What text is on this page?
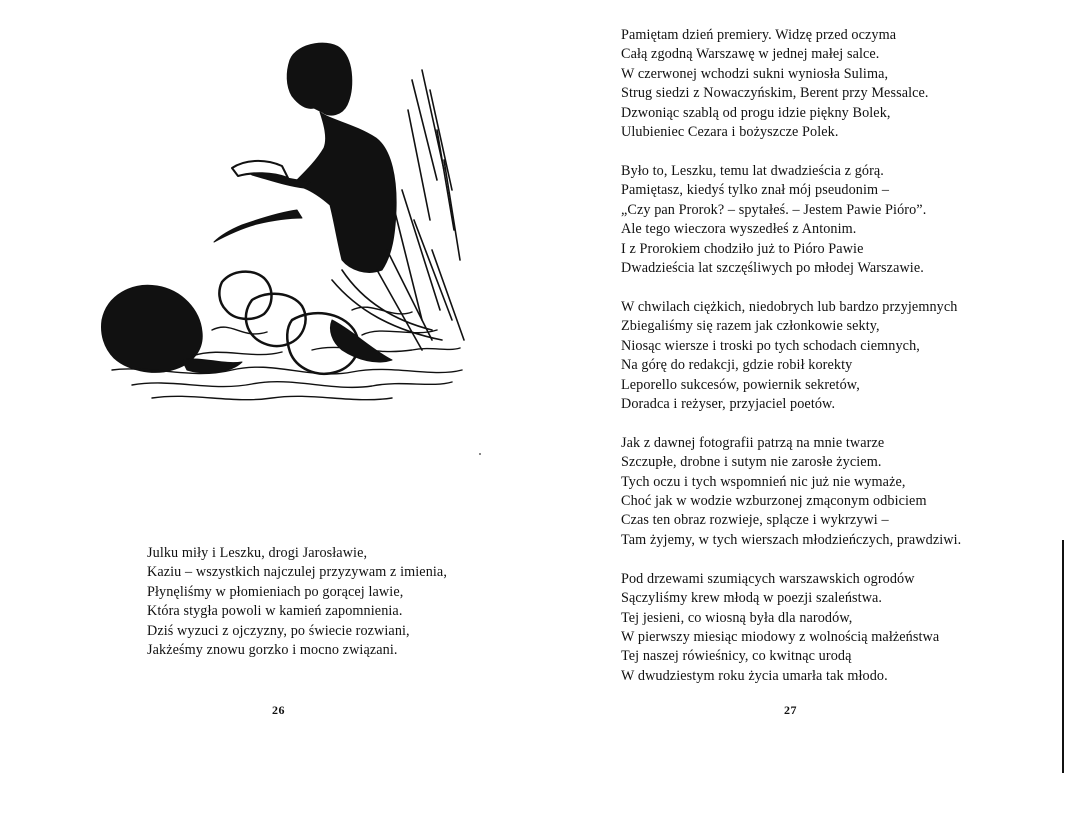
Julku miły i Leszku, drogi Jarosławie,
Kaziu – wszystkich najczulej przyzywam z imienia,
Płynęliśmy w płomieniach po gorącej lawie,
Która stygła powoli w kamień zapomnienia.
Dziś wyzuci z ojczyzny, po świecie rozwiani,
Jakżeśmy znowu gorzko i mocno związani.
26
Pamiętam dzień premiery. Widzę przed oczyma
Całą zgodną Warszawę w jednej małej salce.
W czerwonej wchodzi sukni wyniosła Sulima,
Strug siedzi z Nowaczyńskim, Berent przy Messalce.
Dzwoniąc szablą od progu idzie piękny Bolek,
Ulubieniec Cezara i bożyszcze Polek.
Było to, Leszku, temu lat dwadzieścia z górą.
Pamiętasz, kiedyś tylko znał mój pseudonim –
„Czy pan Prorok? – spytałeś. – Jestem Pawie Pióro”.
Ale tego wieczora wyszedłeś z Antonim.
I z Prorokiem chodziło już to Pióro Pawie
Dwadzieścia lat szczęśliwych po młodej Warszawie.
W chwilach ciężkich, niedobrych lub bardzo przyjemnych
Zbiegaliśmy się razem jak członkowie sekty,
Niosąc wiersze i troski po tych schodach ciemnych,
Na górę do redakcji, gdzie robił korekty
Leporello sukcesów, powiernik sekretów,
Doradca i reżyser, przyjaciel poetów.
Jak z dawnej fotografii patrzą na mnie twarze
Szczupłe, drobne i sutym nie zarosłe życiem.
Tych oczu i tych wspomnień nic już nie wymaże,
Choć jak w wodzie wzburzonej zmąconym odbiciem
Czas ten obraz rozwieje, splącze i wykrzywi –
Tam żyjemy, w tych wierszach młodzieńczych, prawdziwi.
Pod drzewami szumiących warszawskich ogrodów
Sączyliśmy krew młodą w poezji szaleństwa.
Tej jesieni, co wiosną była dla narodów,
W pierwszy miesiąc miodowy z wolnością małżeństwa
Tej naszej rówieśnicy, co kwitnąc urodą
W dwudziestym roku życia umarła tak młodo.
27
